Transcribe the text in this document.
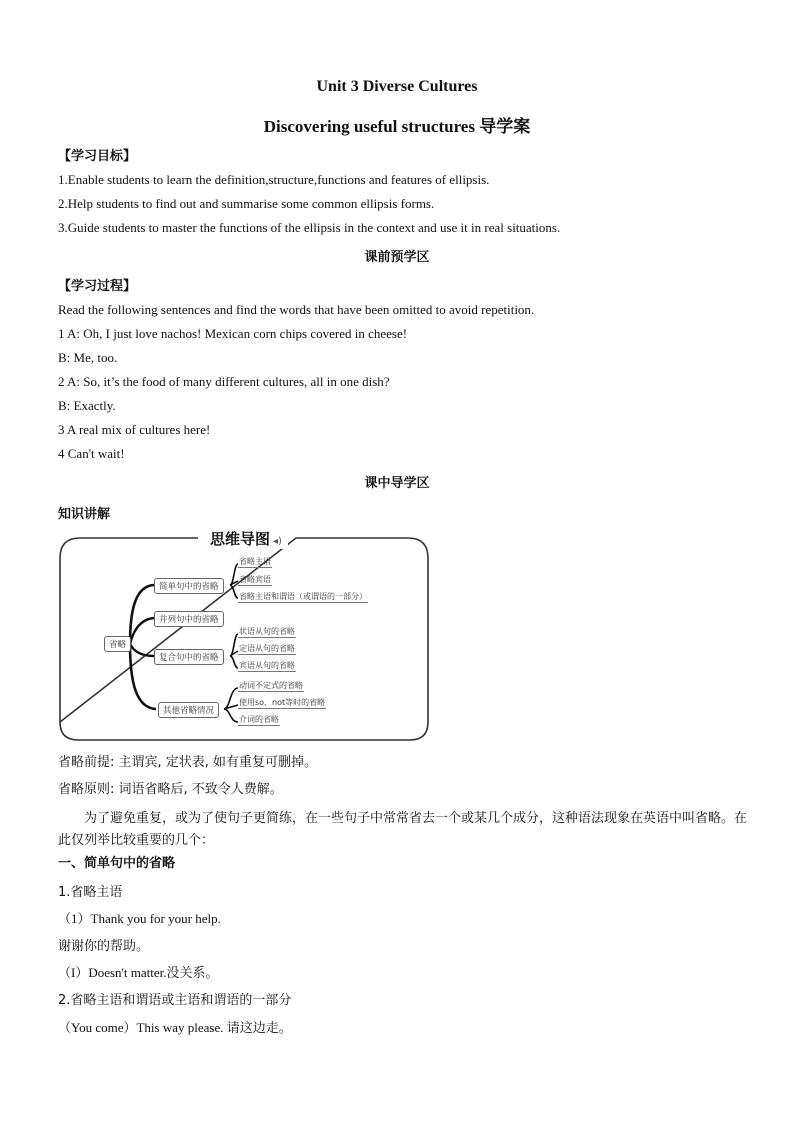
Unit 3 Diverse Cultures
Discovering useful structures 导学案
【学习目标】
1.Enable students to learn the definition,structure,functions and features of ellipsis.
2.Help students to find out and summarise some common ellipsis forms.
3.Guide students to master the functions of the ellipsis in the context and use it in real situations.
课前预学区
【学习过程】
Read the following sentences and find the words that have been omitted to avoid repetition.
1 A: Oh, I just love nachos! Mexican corn chips covered in cheese!
B: Me, too.
2 A: So, it’s the food of many different cultures, all in one dish?
B: Exactly.
3 A real mix of cultures here!
4 Can't wait!
课中导学区
知识讲解
思维导图 ◂)
省略
简单句中的省略
并列句中的省略
复合句中的省略
其他省略情况
省略主语
省略宾语
省略主语和谓语（或谓语的一部分）
状语从句的省略
定语从句的省略
宾语从句的省略
动词不定式的省略
使用so、not等时的省略
介词的省略
省略前提: 主谓宾, 定状表, 如有重复可删掉。
省略原则: 词语省略后, 不致令人费解。
为了避免重复，或为了使句子更简练，在一些句子中常常省去一个或某几个成分，这种语法现象在英语中叫省略。在此仅列举比较重要的几个：
一、简单句中的省略
1.省略主语
（1）Thank you for your help.
谢谢你的帮助。
（I）Doesn't matter.没关系。
2.省略主语和谓语或主语和谓语的一部分
（You come）This way please. 请这边走。
